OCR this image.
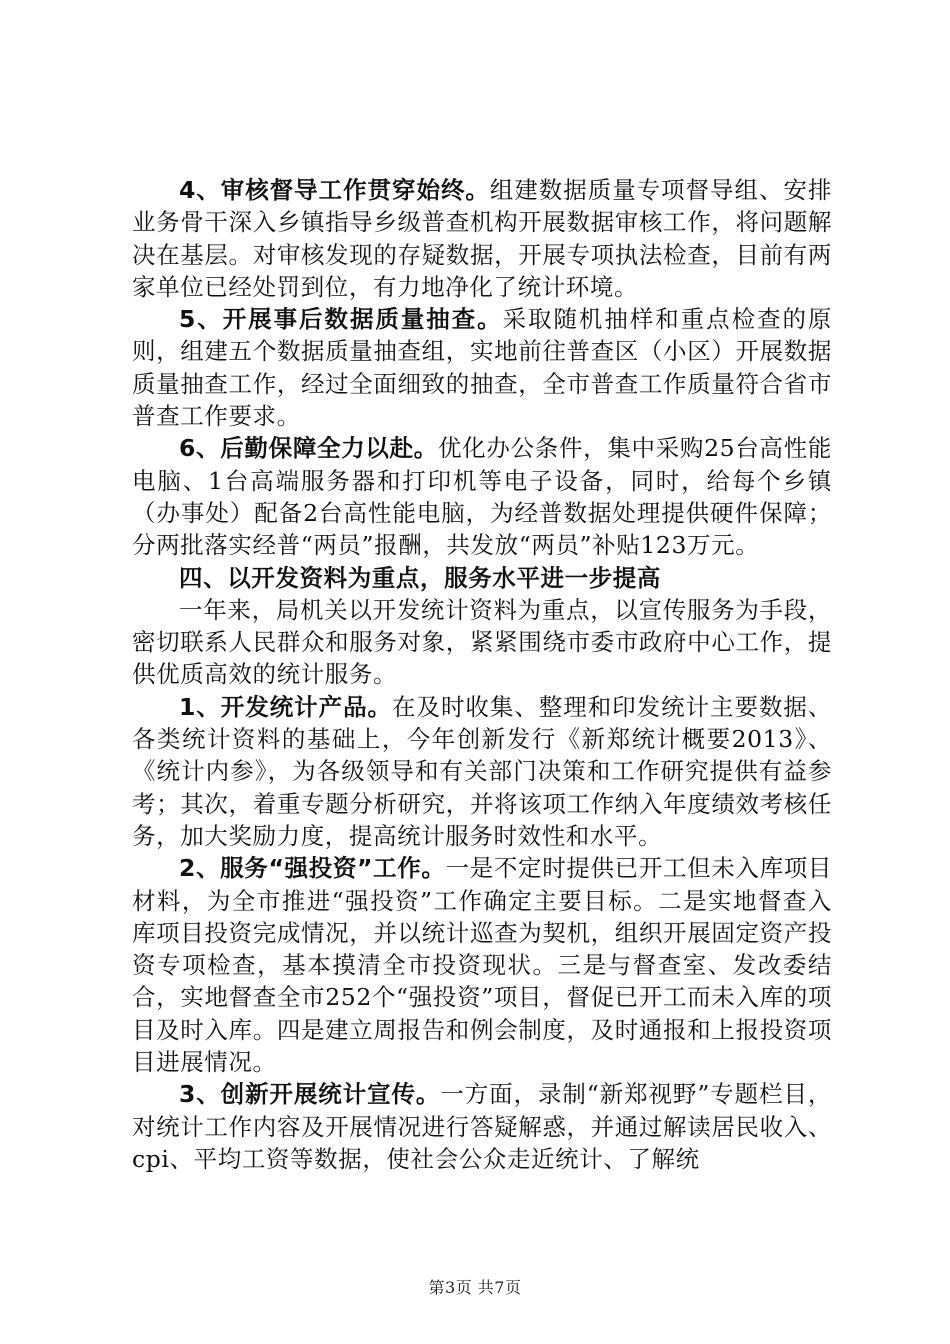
4、审核督导工作贯穿始终。组建数据质量专项督导组、安排业务骨干深入乡镇指导乡级普查机构开展数据审核工作，将问题解决在基层。对审核发现的存疑数据，开展专项执法检查，目前有两家单位已经处罚到位，有力地净化了统计环境。

5、开展事后数据质量抽查。采取随机抽样和重点检查的原则，组建五个数据质量抽查组，实地前往普查区（小区）开展数据质量抽查工作，经过全面细致的抽查，全市普查工作质量符合省市普查工作要求。

6、后勤保障全力以赴。优化办公条件，集中采购25台高性能电脑、1台高端服务器和打印机等电子设备，同时，给每个乡镇（办事处）配备2台高性能电脑，为经普数据处理提供硬件保障；分两批落实经普“两员”报酬，共发放“两员”补贴123万元。

四、以开发资料为重点，服务水平进一步提高

一年来，局机关以开发统计资料为重点，以宣传服务为手段，密切联系人民群众和服务对象，紧紧围绕市委市政府中心工作，提供优质高效的统计服务。

1、开发统计产品。在及时收集、整理和印发统计主要数据、各类统计资料的基础上，今年创新发行《新郑统计概要2013》、《统计内参》，为各级领导和有关部门决策和工作研究提供有益参考；其次，着重专题分析研究，并将该项工作纳入年度绩效考核任务，加大奖励力度，提高统计服务时效性和水平。

2、服务“强投资”工作。一是不定时提供已开工但未入库项目材料，为全市推进“强投资”工作确定主要目标。二是实地督查入库项目投资完成情况，并以统计巡查为契机，组织开展固定资产投资专项检查，基本摸清全市投资现状。三是与督查室、发改委结合，实地督查全市252个“强投资”项目，督促已开工而未入库的项目及时入库。四是建立周报告和例会制度，及时通报和上报投资项目进展情况。

3、创新开展统计宣传。一方面，录制“新郑视野”专题栏目，对统计工作内容及开展情况进行答疑解惑，并通过解读居民收入、cpi、平均工资等数据，使社会公众走近统计、了解统

第3页 共7页
